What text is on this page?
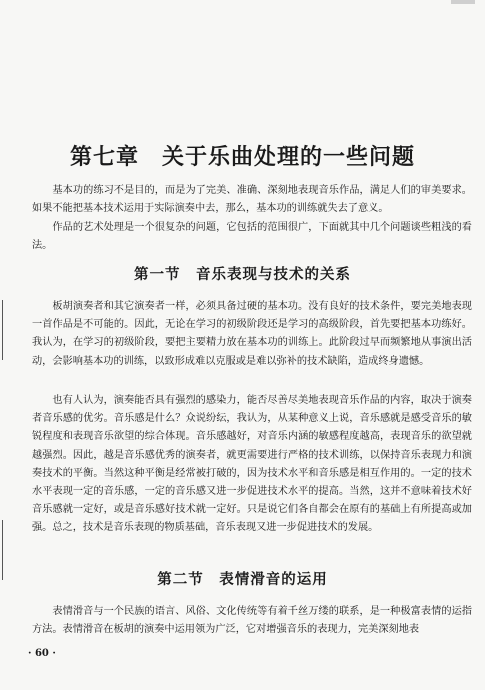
第七章　关于乐曲处理的一些问题

基本功的练习不是目的，而是为了完美、准确、深刻地表现音乐作品，满足人们的审美要求。如果不能把基本技术运用于实际演奏中去，那么，基本功的训练就失去了意义。

作品的艺术处理是一个很复杂的问题，它包括的范围很广，下面就其中几个问题谈些粗浅的看法。

第一节　音乐表现与技术的关系

板胡演奏者和其它演奏者一样，必须具备过硬的基本功。没有良好的技术条件，要完美地表现一首作品是不可能的。因此，无论在学习的初级阶段还是学习的高级阶段，首先要把基本功练好。我认为，在学习的初级阶段，要把主要精力放在基本功的训练上。此阶段过早而频繁地从事演出活动，会影响基本功的训练，以致形成难以克服或是难以弥补的技术缺陷，造成终身遗憾。

也有人认为，演奏能否具有强烈的感染力，能否尽善尽美地表现音乐作品的内容，取决于演奏者音乐感的优劣。音乐感是什么？众说纷纭，我认为，从某种意义上说，音乐感就是感受音乐的敏锐程度和表现音乐欲望的综合体现。音乐感越好，对音乐内涵的敏感程度越高，表现音乐的欲望就越强烈。因此，越是音乐感优秀的演奏者，就更需要进行严格的技术训练，以保持音乐表现力和演奏技术的平衡。当然这种平衡是经常被打破的，因为技术水平和音乐感是相互作用的。一定的技术水平表现一定的音乐感，一定的音乐感又进一步促进技术水平的提高。当然，这并不意味着技术好音乐感就一定好，或是音乐感好技术就一定好。只是说它们各自都会在原有的基础上有所提高或加强。总之，技术是音乐表现的物质基础，音乐表现又进一步促进技术的发展。

第二节　表情滑音的运用

表情滑音与一个民族的语言、风俗、文化传统等有着千丝万缕的联系，是一种极富表情的运指方法。表情滑音在板胡的演奏中运用领为广泛，它对增强音乐的表现力，完美深刻地表

· 60 ·
